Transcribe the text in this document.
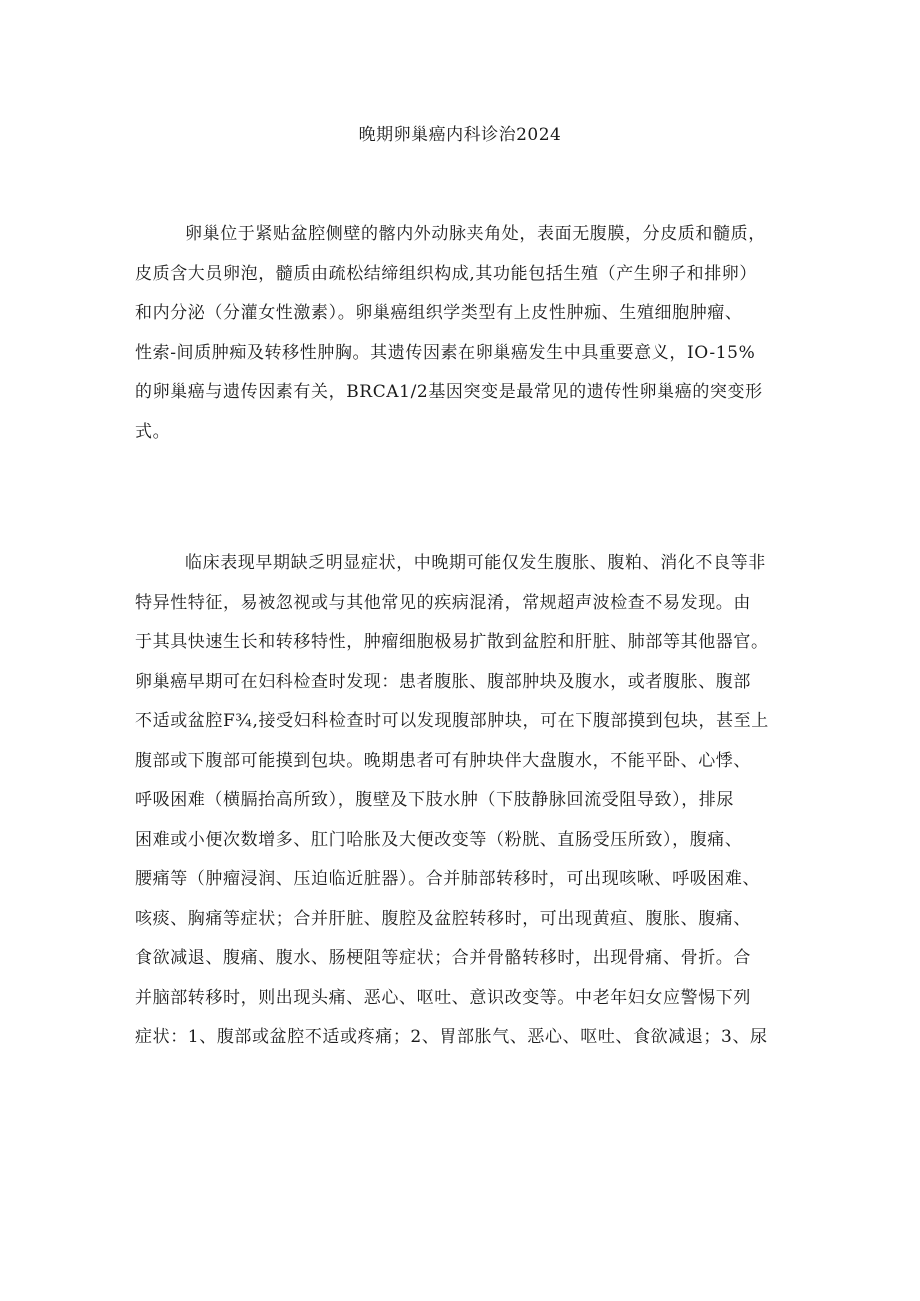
晚期卵巢癌内科诊治2024
卵巢位于紧贴盆腔侧壁的髂内外动脉夹角处，表面无腹膜，分皮质和髓质，
皮质含大员卵泡，髓质由疏松结缔组织构成,其功能包括生殖（产生卵子和排卵）
和内分泌（分灌女性激素）。卵巢癌组织学类型有上皮性肿痂、生殖细胞肿瘤、
性索-间质肿痴及转移性肿胸。其遗传因素在卵巢癌发生中具重要意义，IO-15%
的卵巢癌与遗传因素有关，BRCA1/2基因突变是最常见的遗传性卵巢癌的突变形
式。
临床表现早期缺乏明显症状，中晚期可能仅发生腹胀、腹粕、消化不良等非
特异性特征，易被忽视或与其他常见的疾病混淆，常规超声波检查不易发现。由
于其具快速生长和转移特性，肿瘤细胞极易扩散到盆腔和肝脏、肺部等其他器官。
卵巢癌早期可在妇科检查时发现：患者腹胀、腹部肿块及腹水，或者腹胀、腹部
不适或盆腔F¾,接受妇科检查时可以发现腹部肿块，可在下腹部摸到包块，甚至上
腹部或下腹部可能摸到包块。晚期患者可有肿块伴大盘腹水，不能平卧、心悸、
呼吸困难（横膈抬高所致），腹壁及下肢水肿（下肢静脉回流受阻导致），排尿
困难或小便次数增多、肛门哈胀及大便改变等（粉胱、直肠受压所致），腹痛、
腰痛等（肿瘤浸润、压迫临近脏器）。合并肺部转移时，可出现咳啾、呼吸困难、
咳痰、胸痛等症状；合并肝脏、腹腔及盆腔转移时，可出现黄疸、腹胀、腹痛、
食欲减退、腹痛、腹水、肠梗阻等症状；合并骨骼转移时，出现骨痛、骨折。合
并脑部转移时，则出现头痛、恶心、呕吐、意识改变等。中老年妇女应警惕下列
症状：1、腹部或盆腔不适或疼痛；2、胃部胀气、恶心、呕吐、食欲减退；3、尿
